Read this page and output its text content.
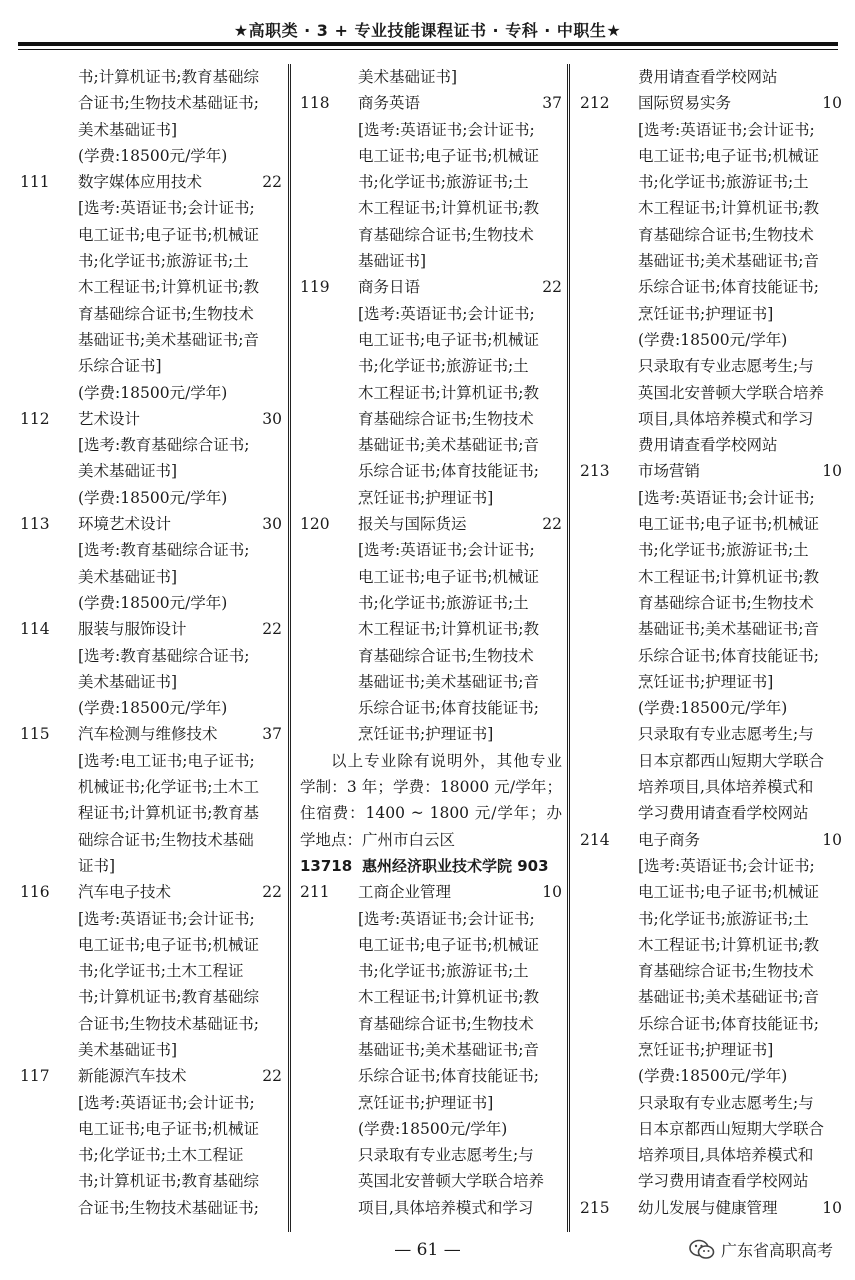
★高职类 · 3 + 专业技能课程证书 · 专科 · 中职生★
书;计算机证书;教育基础综
合证书;生物技术基础证书;
美术基础证书]
(学费:18500元/学年)
111	数字媒体应用技术	22
[选考:英语证书;会计证书;
电工证书;电子证书;机械证
书;化学证书;旅游证书;土
木工程证书;计算机证书;教
育基础综合证书;生物技术
基础证书;美术基础证书;音
乐综合证书]
(学费:18500元/学年)
112	艺术设计	30
[选考:教育基础综合证书;
美术基础证书]
(学费:18500元/学年)
113	环境艺术设计	30
[选考:教育基础综合证书;
美术基础证书]
(学费:18500元/学年)
114	服装与服饰设计	22
[选考:教育基础综合证书;
美术基础证书]
(学费:18500元/学年)
115	汽车检测与维修技术	37
[选考:电工证书;电子证书;
机械证书;化学证书;土木工
程证书;计算机证书;教育基
础综合证书;生物技术基础
证书]
116	汽车电子技术	22
[选考:英语证书;会计证书;
电工证书;电子证书;机械证
书;化学证书;土木工程证
书;计算机证书;教育基础综
合证书;生物技术基础证书;
美术基础证书]
117	新能源汽车技术	22
[选考:英语证书;会计证书;
电工证书;电子证书;机械证
书;化学证书;土木工程证
书;计算机证书;教育基础综
合证书;生物技术基础证书;
美术基础证书]
118	商务英语	37
[选考:英语证书;会计证书;
电工证书;电子证书;机械证
书;化学证书;旅游证书;土
木工程证书;计算机证书;教
育基础综合证书;生物技术
基础证书]
119	商务日语	22
[选考:英语证书;会计证书;
电工证书;电子证书;机械证
书;化学证书;旅游证书;土
木工程证书;计算机证书;教
育基础综合证书;生物技术
基础证书;美术基础证书;音
乐综合证书;体育技能证书;
烹饪证书;护理证书]
120	报关与国际货运	22
[选考:英语证书;会计证书;
电工证书;电子证书;机械证
书;化学证书;旅游证书;土
木工程证书;计算机证书;教
育基础综合证书;生物技术
基础证书;美术基础证书;音
乐综合证书;体育技能证书;
烹饪证书;护理证书]
以上专业除有说明外，其他专业学制：3 年；学费：18000 元/学年；住宿费：1400 ~ 1800 元/学年；办学地点：广州市白云区
13718 惠州经济职业技术学院 903
211	工商企业管理	10
[选考:英语证书;会计证书;
电工证书;电子证书;机械证
书;化学证书;旅游证书;土
木工程证书;计算机证书;教
育基础综合证书;生物技术
基础证书;美术基础证书;音
乐综合证书;体育技能证书;
烹饪证书;护理证书]
(学费:18500元/学年)
只录取有专业志愿考生;与
英国北安普顿大学联合培养
项目,具体培养模式和学习
费用请查看学校网站
212	国际贸易实务	10
[选考:英语证书;会计证书;
电工证书;电子证书;机械证
书;化学证书;旅游证书;土
木工程证书;计算机证书;教
育基础综合证书;生物技术
基础证书;美术基础证书;音
乐综合证书;体育技能证书;
烹饪证书;护理证书]
(学费:18500元/学年)
只录取有专业志愿考生;与
英国北安普顿大学联合培养
项目,具体培养模式和学习
费用请查看学校网站
213	市场营销	10
[选考:英语证书;会计证书;
电工证书;电子证书;机械证
书;化学证书;旅游证书;土
木工程证书;计算机证书;教
育基础综合证书;生物技术
基础证书;美术基础证书;音
乐综合证书;体育技能证书;
烹饪证书;护理证书]
(学费:18500元/学年)
只录取有专业志愿考生;与
日本京都西山短期大学联合
培养项目,具体培养模式和
学习费用请查看学校网站
214	电子商务	10
[选考:英语证书;会计证书;
电工证书;电子证书;机械证
书;化学证书;旅游证书;土
木工程证书;计算机证书;教
育基础综合证书;生物技术
基础证书;美术基础证书;音
乐综合证书;体育技能证书;
烹饪证书;护理证书]
(学费:18500元/学年)
只录取有专业志愿考生;与
日本京都西山短期大学联合
培养项目,具体培养模式和
学习费用请查看学校网站
215	幼儿发展与健康管理	10
— 61 —	广东省高职高考
